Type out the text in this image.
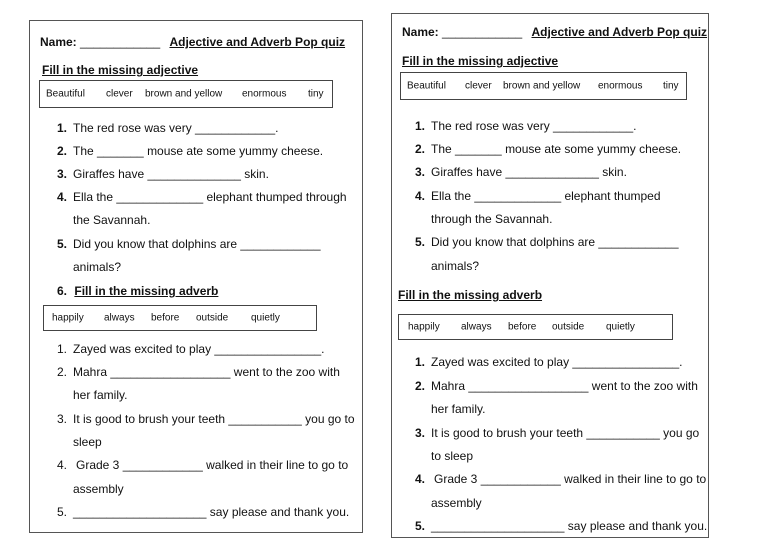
Name: ____________ Adjective and Adverb Pop quiz
Fill in the missing adjective
Beautiful clever brown and yellow enormous tiny
1. The red rose was very ____________.
2. The _______ mouse ate some yummy cheese.
3. Giraffes have ______________ skin.
4. Ella the _____________ elephant thumped through
the Savannah.
5. Did you know that dolphins are ____________
animals?
6. Fill in the missing adverb
happily always before outside quietly
1. Zayed was excited to play ________________.
2. Mahra __________________ went to the zoo with
her family.
3. It is good to brush your teeth ___________ you go to
sleep
4. Grade 3 ____________ walked in their line to go to
assembly
5. ____________________ say please and thank you.
Name: ____________ Adjective and Adverb Pop quiz
Fill in the missing adjective
Beautiful clever brown and yellow enormous tiny
1. The red rose was very ____________.
2. The _______ mouse ate some yummy cheese.
3. Giraffes have ______________ skin.
4. Ella the _____________ elephant thumped
through the Savannah.
5. Did you know that dolphins are ____________
animals?
Fill in the missing adverb
happily always before outside quietly
1. Zayed was excited to play ________________.
2. Mahra __________________ went to the zoo with
her family.
3. It is good to brush your teeth ___________ you go
to sleep
4. Grade 3 ____________ walked in their line to go to
assembly
5. ____________________ say please and thank you.
